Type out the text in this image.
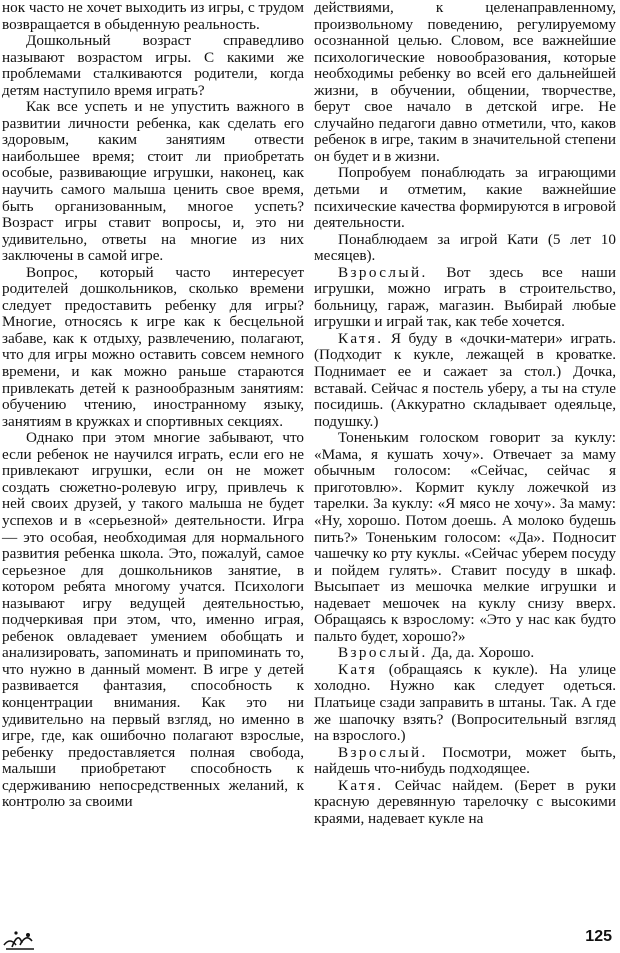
нок часто не хочет выходить из игры, с трудом возвращается в обыденную реальность.

Дошкольный возраст справедливо называют возрастом игры. С какими же проблемами сталкиваются родители, когда детям наступило время играть?

Как все успеть и не упустить важного в развитии личности ребенка, как сделать его здоровым, каким занятиям отвести наибольшее время; стоит ли приобретать особые, развивающие игрушки, наконец, как научить самого малыша ценить свое время, быть организованным, многое успеть? Возраст игры ставит вопросы, и, это ни удивительно, ответы на многие из них заключены в самой игре.

Вопрос, который часто интересует родителей дошкольников, сколько времени следует предоставить ребенку для игры? Многие, относясь к игре как к бесцельной забаве, как к отдыху, развлечению, полагают, что для игры можно оставить совсем немного времени, и как можно раньше стараются привлекать детей к разнообразным занятиям: обучению чтению, иностранному языку, занятиям в кружках и спортивных секциях.

Однако при этом многие забывают, что если ребенок не научился играть, если его не привлекают игрушки, если он не может создать сюжетно-ролевую игру, привлечь к ней своих друзей, у такого малыша не будет успехов и в «серьезной» деятельности. Игра — это особая, необходимая для нормального развития ребенка школа. Это, пожалуй, самое серьезное для дошкольников занятие, в котором ребята многому учатся. Психологи называют игру ведущей деятельностью, подчеркивая при этом, что, именно играя, ребенок овладевает умением обобщать и анализировать, запоминать и припоминать то, что нужно в данный момент. В игре у детей развивается фантазия, способность к концентрации внимания. Как это ни удивительно на первый взгляд, но именно в игре, где, как ошибочно полагают взрослые, ребенку предоставляется полная свобода, малыши приобретают способность к сдерживанию непосредственных желаний, к контролю за своими

действиями, к целенаправленному, произвольному поведению, регулируемому осознанной целью. Словом, все важнейшие психологические новообразования, которые необходимы ребенку во всей его дальнейшей жизни, в обучении, общении, творчестве, берут свое начало в детской игре. Не случайно педагоги давно отметили, что, каков ребенок в игре, таким в значительной степени он будет и в жизни.

Попробуем понаблюдать за играющими детьми и отметим, какие важнейшие психические качества формируются в игровой деятельности.

Понаблюдаем за игрой Кати (5 лет 10 месяцев).

Взрослый. Вот здесь все наши игрушки, можно играть в строительство, больницу, гараж, магазин. Выбирай любые игрушки и играй так, как тебе хочется.

Катя. Я буду в «дочки-матери» играть. (Подходит к кукле, лежащей в кроватке. Поднимает ее и сажает за стол.) Дочка, вставай. Сейчас я постель уберу, а ты на стуле посидишь. (Аккуратно складывает одеяльце, подушку.)

Тоненьким голоском говорит за куклу: «Мама, я кушать хочу». Отвечает за маму обычным голосом: «Сейчас, сейчас я приготовлю». Кормит куклу ложечкой из тарелки. За куклу: «Я мясо не хочу». За маму: «Ну, хорошо. Потом доешь. А молоко будешь пить?» Тоненьким голосом: «Да». Подносит чашечку ко рту куклы. «Сейчас уберем посуду и пойдем гулять». Ставит посуду в шкаф. Высыпает из мешочка мелкие игрушки и надевает мешочек на куклу снизу вверх. Обращаясь к взрослому: «Это у нас как будто пальто будет, хорошо?»

Взрослый. Да, да. Хорошо.

Катя (обращаясь к кукле). На улице холодно. Нужно как следует одеться. Платьице сзади заправить в штаны. Так. А где же шапочку взять? (Вопросительный взгляд на взрослого.)

Взрослый. Посмотри, может быть, найдешь что-нибудь подходящее.

Катя. Сейчас найдем. (Берет в руки красную деревянную тарелочку с высокими краями, надевает кукле на

125
